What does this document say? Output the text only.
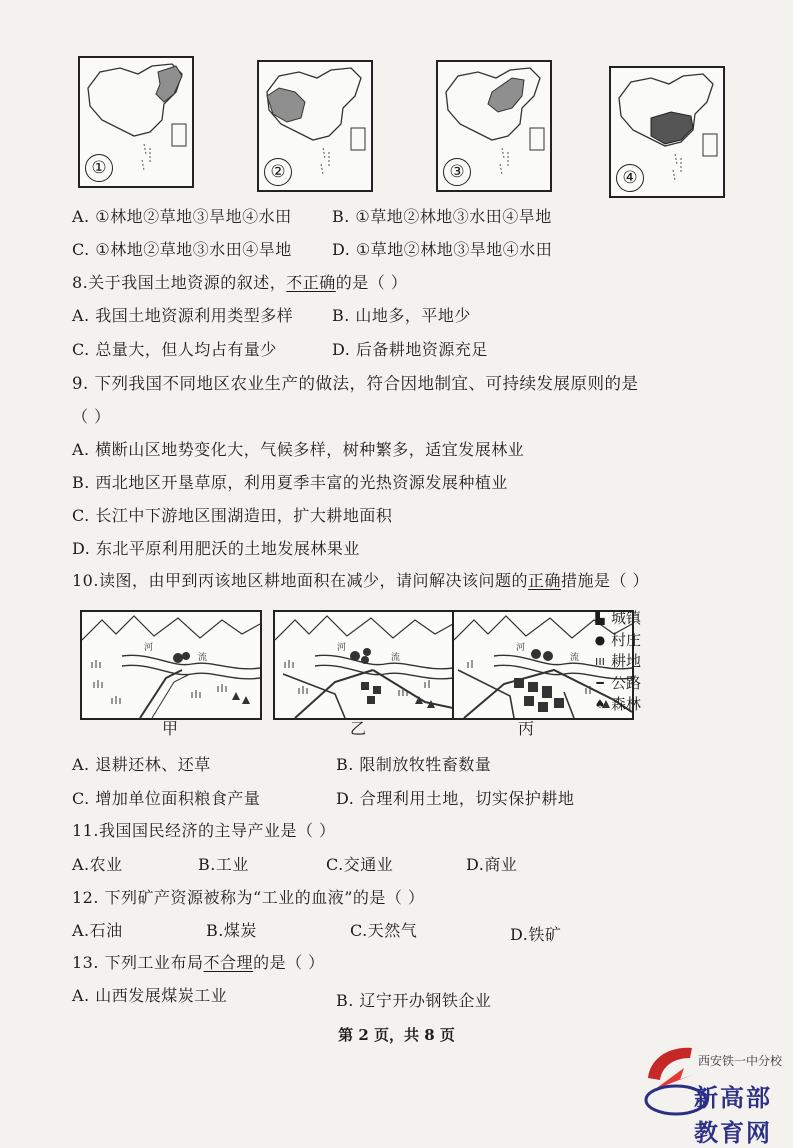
①	②	③	④
A. ①林地②草地③旱地④水田	B. ①草地②林地③水田④旱地
C. ①林地②草地③水田④旱地	D. ①草地②林地③旱地④水田
8.关于我国土地资源的叙述，不正确的是（ ）
A. 我国土地资源利用类型多样 B. 山地多，平地少
C. 总量大，但人均占有量少	D. 后备耕地资源充足
9. 下列我国不同地区农业生产的做法，符合因地制宜、可持续发展原则的是
（ ）
A. 横断山区地势变化大，气候多样，树种繁多，适宜发展林业
B. 西北地区开垦草原，利用夏季丰富的光热资源发展种植业
C. 长江中下游地区围湖造田，扩大耕地面积
D. 东北平原利用肥沃的土地发展林果业
10.读图，由甲到丙该地区耕地面积在减少，请问解决该问题的正确措施是（ ）
河
流
河
流
河
流
甲	乙	丙
▙ 城镇
● 村庄
ııı 耕地
━ 公路
♠ 森林
A. 退耕还林、还草	B. 限制放牧牲畜数量
C. 增加单位面积粮食产量	D. 合理利用土地，切实保护耕地
11.我国国民经济的主导产业是（ ）
A.农业	B.工业	C.交通业	D.商业
12. 下列矿产资源被称为“工业的血液”的是（ ）
A.石油	B.煤炭	C.天然气	D.铁矿
13. 下列工业布局不合理的是（ ）
A. 山西发展煤炭工业	B. 辽宁开办钢铁企业
第 2 页，共 8 页
西安铁一中分校
新高部教育网
